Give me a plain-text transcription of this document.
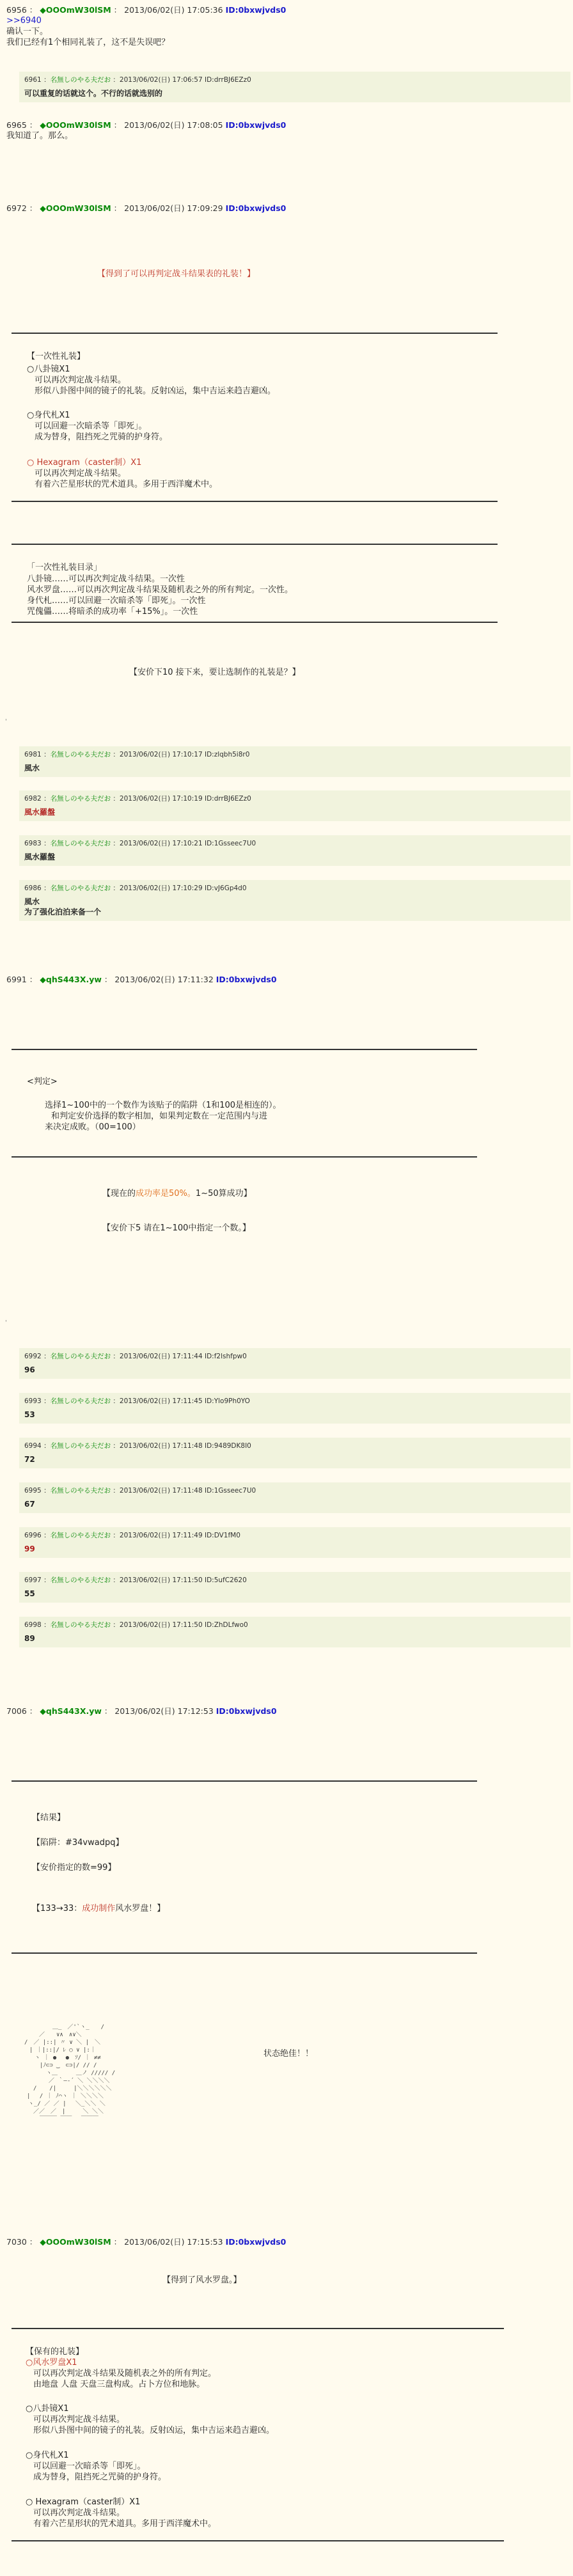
6956 ： ◆OOOmW30lSM ： 2013/06/02(日) 17:05:36 ID:0bxwjvds0
>>6940
确认一下。
我们已经有1个相同礼装了，这不是失误吧？
6961 ：名無しのやる夫だお ：2013/06/02(日) 17:06:57 ID:drrBJ6EZz0
可以重复的话就这个。不行的话就选别的
6965 ： ◆OOOmW30lSM ： 2013/06/02(日) 17:08:05 ID:0bxwjvds0
我知道了。那么。
6972 ： ◆OOOmW30lSM ： 2013/06/02(日) 17:09:29 ID:0bxwjvds0
【得到了可以再判定战斗结果表的礼装！】
【一次性礼装】
○八卦镜X1
可以再次判定战斗结果。
形似八卦图中间的镜子的礼装。反射凶运，集中吉运来趋吉避凶。
○身代札X1
可以回避一次暗杀等「即死」。
成为替身，阻挡死之咒骑的护身符。
○ Hexagram（caster制）X1
可以再次判定战斗结果。
有着六芒星形状的咒术道具。多用于西洋魔术中。
「一次性礼装目录」
八卦镜……可以再次判定战斗结果。一次性
风水罗盘……可以再次判定战斗结果及随机表之外的所有判定。一次性。
身代札……可以回避一次暗杀等「即死」。一次性
咒傀儡……将暗杀的成功率「+15%」。一次性
【安价下10 接下来，要让选制作的礼装是？】
'
6981 ：名無しのやる夫だお ：2013/06/02(日) 17:10:17 ID:zlqbh5i8r0
風水
6982 ：名無しのやる夫だお ：2013/06/02(日) 17:10:19 ID:drrBJ6EZz0
風水羅盤
6983 ：名無しのやる夫だお ：2013/06/02(日) 17:10:21 ID:1Gsseec7U0
風水羅盤
6986 ：名無しのやる夫だお ：2013/06/02(日) 17:10:29 ID:vJ6Gp4d0
風水
为了强化泊泊来备一个
6991 ： ◆qhS443X.yw ： 2013/06/02(日) 17:11:32 ID:0bxwjvds0
<判定>
选择1~100中的一个数作为该贴子的陷阱（1和100是相连的）。
和判定安价选择的数字相加，如果判定数在一定范围内与进
来决定成败。（00=100）
【现在的成功率是50%。1~50算成功】
【安价下5 请在1~100中指定一个数。】
'
6992 ：名無しのやる夫だお ：2013/06/02(日) 17:11:44 ID:f2lshfpw0
96
6993 ：名無しのやる夫だお ：2013/06/02(日) 17:11:45 ID:Ylo9Ph0YO
53
6994 ：名無しのやる夫だお ：2013/06/02(日) 17:11:48 ID:9489DK8I0
72
6995 ：名無しのやる夫だお ：2013/06/02(日) 17:11:48 ID:1Gsseec7U0
67
6996 ：名無しのやる夫だお ：2013/06/02(日) 17:11:49 ID:DV1fM0
99
6997 ：名無しのやる夫だお ：2013/06/02(日) 17:11:50 ID:5ufC2620
55
6998 ：名無しのやる夫だお ：2013/06/02(日) 17:11:50 ID:ZhDLfwo0
89
7006 ： ◆qhS443X.yw ： 2013/06/02(日) 17:12:53 ID:0bxwjvds0
【结果】
【陷阱：#34vwadpq】
【安价指定的数=99】
【133→33：成功制作风水罗盘！】
＿_　／'`ヽ_　　/
　／　　∨∧　∧∨＼
/　／ |::| 〃 ∨ ＼ |　＼
| ｜|::|/ ﾚ ○ ∨ |:｜
ヽ ｜ ●　 ●　ｿ/ ｜ ≠≠
|ﾉ⊂⊃ ‿　⊂⊃|/ // /
ヽ＿ 　　 ＿ノ ///// /
／ ｀―‐´ ＼ ＼＼＼＼
/ 　 /|　　　|＼＼＼＼＼＼
|　 / ｜ ﾉ⌒ヽ ｜ ＼＼＼＼
ヽ_/ ／ ／ |　 ＼_＼＼ ＼
／／　／　|　　　＼ ＼＼
￣￣￣ ￣￣　 ￣￣￣
状态绝佳！！
7030 ： ◆OOOmW30lSM ： 2013/06/02(日) 17:15:53 ID:0bxwjvds0
【得到了风水罗盘。】
【保有的礼装】
○风水罗盘X1
可以再次判定战斗结果及随机表之外的所有判定。
由地盘 人盘 天盘三盘构成。占卜方位和地脉。
○八卦镜X1
可以再次判定战斗结果。
形似八卦图中间的镜子的礼装。反射凶运，集中吉运来趋吉避凶。
○身代札X1
可以回避一次暗杀等「即死」。
成为替身，阻挡死之咒骑的护身符。
○ Hexagram（caster制）X1
可以再次判定战斗结果。
有着六芒星形状的咒术道具。多用于西洋魔术中。
